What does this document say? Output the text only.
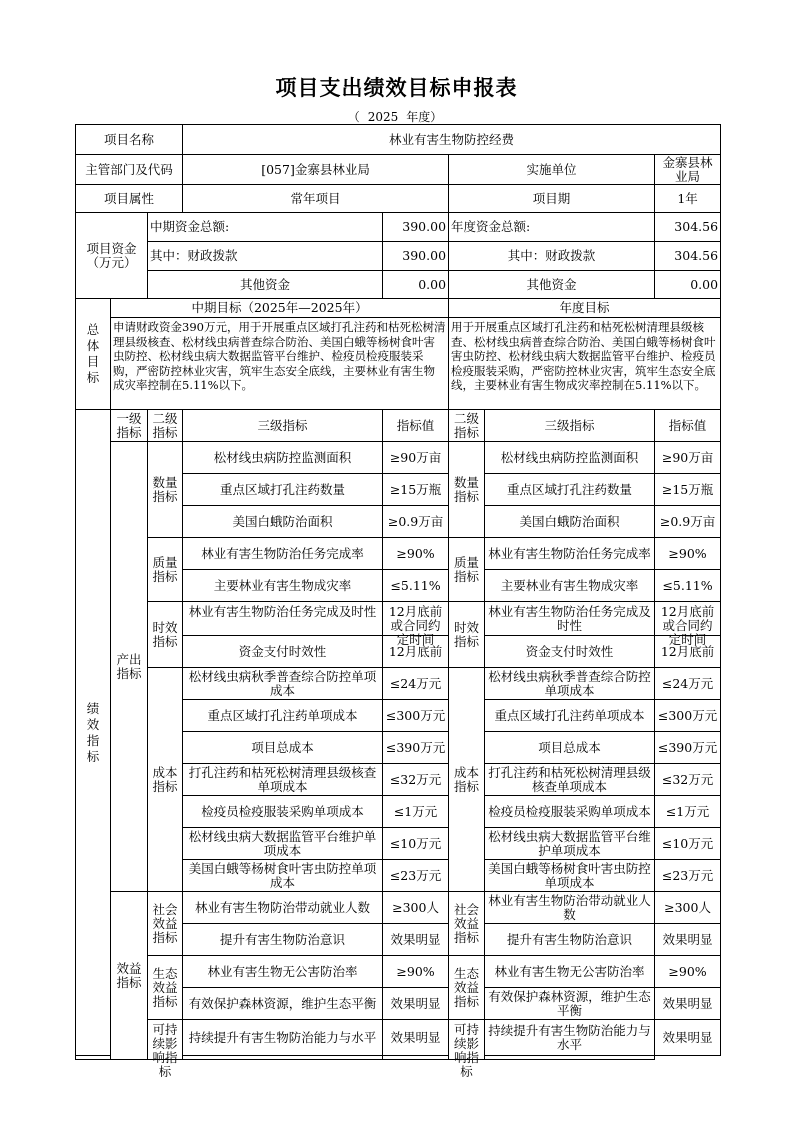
项目支出绩效目标申报表
（ 2025 年度）
项目名称			林业有害生物防控经费				
主管部门及代码			[057]金寨县林业局		实施单位		金寨县林业局
项目属性			常年项目		项目期		1年
项目资金（万元）		中期资金总额:		390.00	年度资金总额:		304.56
		其中：财政拨款		390.00	其中：财政拨款		304.56
		其他资金		0.00	其他资金		0.00
总体目标	中期目标（2025年—2025年）				年度目标		
	申请财政资金390万元，用于开展重点区域打孔注药和枯死松树清理县级核查、松材线虫病普查综合防治、美国白蛾等杨树食叶害虫防控、松材线虫病大数据监管平台维护、检疫员检疫服装采购，严密防控林业灾害，筑牢生态安全底线，主要林业有害生物成灾率控制在5.11%以下。				用于开展重点区域打孔注药和枯死松树清理县级核查、松材线虫病普查综合防治、美国白蛾等杨树食叶害虫防控、松材线虫病大数据监管平台维护、检疫员检疫服装采购，严密防控林业灾害，筑牢生态安全底线，主要林业有害生物成灾率控制在5.11%以下。		
绩效指标	一级指标	二级指标	三级指标	指标值	二级指标	三级指标	指标值
	产出指标	数量指标	松材线虫病防控监测面积	≥90万亩	数量指标	松材线虫病防控监测面积	≥90万亩
			重点区域打孔注药数量	≥15万瓶		重点区域打孔注药数量	≥15万瓶
			美国白蛾防治面积	≥0.9万亩		美国白蛾防治面积	≥0.9万亩
		质量指标	林业有害生物防治任务完成率	≥90%	质量指标	林业有害生物防治任务完成率	≥90%
			主要林业有害生物成灾率	≤5.11%		主要林业有害生物成灾率	≤5.11%
		时效指标	林业有害生物防治任务完成及时性	12月底前或合同约定时间	时效指标	林业有害生物防治任务完成及时性	12月底前或合同约定时间

			资金支付时效性	12月底前		资金支付时效性	12月底前
		成本指标	松材线虫病秋季普查综合防控单项成本	≤24万元	成本指标	松材线虫病秋季普查综合防控单项成本	≤24万元
			重点区域打孔注药单项成本	≤300万元		重点区域打孔注药单项成本	≤300万元
			项目总成本	≤390万元		项目总成本	≤390万元
			打孔注药和枯死松树清理县级核查单项成本	≤32万元		打孔注药和枯死松树清理县级核查单项成本	≤32万元
			检疫员检疫服装采购单项成本	≤1万元		检疫员检疫服装采购单项成本	≤1万元
			松材线虫病大数据监管平台维护单项成本	≤10万元		松材线虫病大数据监管平台维护单项成本	≤10万元
			美国白蛾等杨树食叶害虫防控单项成本	≤23万元		美国白蛾等杨树食叶害虫防控单项成本	≤23万元
	效益指标	社会效益指标	林业有害生物防治带动就业人数	≥300人	社会效益指标	林业有害生物防治带动就业人数	≥300人
			提升有害生物防治意识	效果明显		提升有害生物防治意识	效果明显
		生态效益指标	林业有害生物无公害防治率	≥90%	生态效益指标	林业有害生物无公害防治率	≥90%
			有效保护森林资源，维护生态平衡	效果明显		有效保护森林资源，维护生态平衡	效果明显

		可持续影响指标	持续提升有害生物防治能力与水平	效果明显	可持续影响指标	持续提升有害生物防治能力与水平	效果明显
